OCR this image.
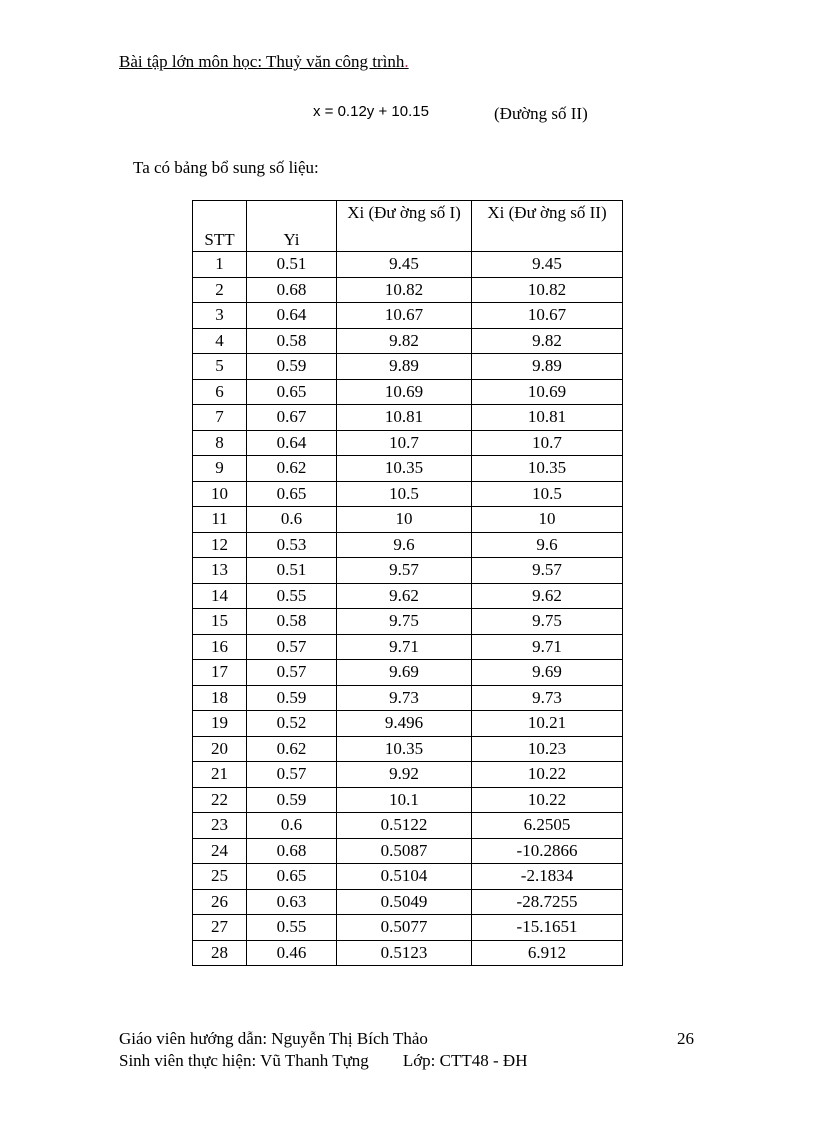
Bài tập lớn môn học: Thuỷ văn công trình.
x = 0.12y + 10.15	(Đường số II)
Ta có bảng bổ sung số liệu:
STT	Yi	Xi (Đư ờng số I)	Xi (Đư ờng số II)
1	0.51	9.45	9.45
2	0.68	10.82	10.82
3	0.64	10.67	10.67
4	0.58	9.82	9.82
5	0.59	9.89	9.89
6	0.65	10.69	10.69
7	0.67	10.81	10.81
8	0.64	10.7	10.7
9	0.62	10.35	10.35
10	0.65	10.5	10.5
11	0.6	10	10
12	0.53	9.6	9.6
13	0.51	9.57	9.57
14	0.55	9.62	9.62
15	0.58	9.75	9.75
16	0.57	9.71	9.71
17	0.57	9.69	9.69
18	0.59	9.73	9.73
19	0.52	9.496	10.21
20	0.62	10.35	10.23
21	0.57	9.92	10.22
22	0.59	10.1	10.22
23	0.6	0.5122	6.2505
24	0.68	0.5087	-10.2866
25	0.65	0.5104	-2.1834
26	0.63	0.5049	-28.7255
27	0.55	0.5077	-15.1651
28	0.46	0.5123	6.912
Giáo viên hướng dẫn: Nguyễn Thị Bích Thảo	26
Sinh viên thực hiện: Vũ Thanh Tựng Lớp: CTT48 - ĐH
